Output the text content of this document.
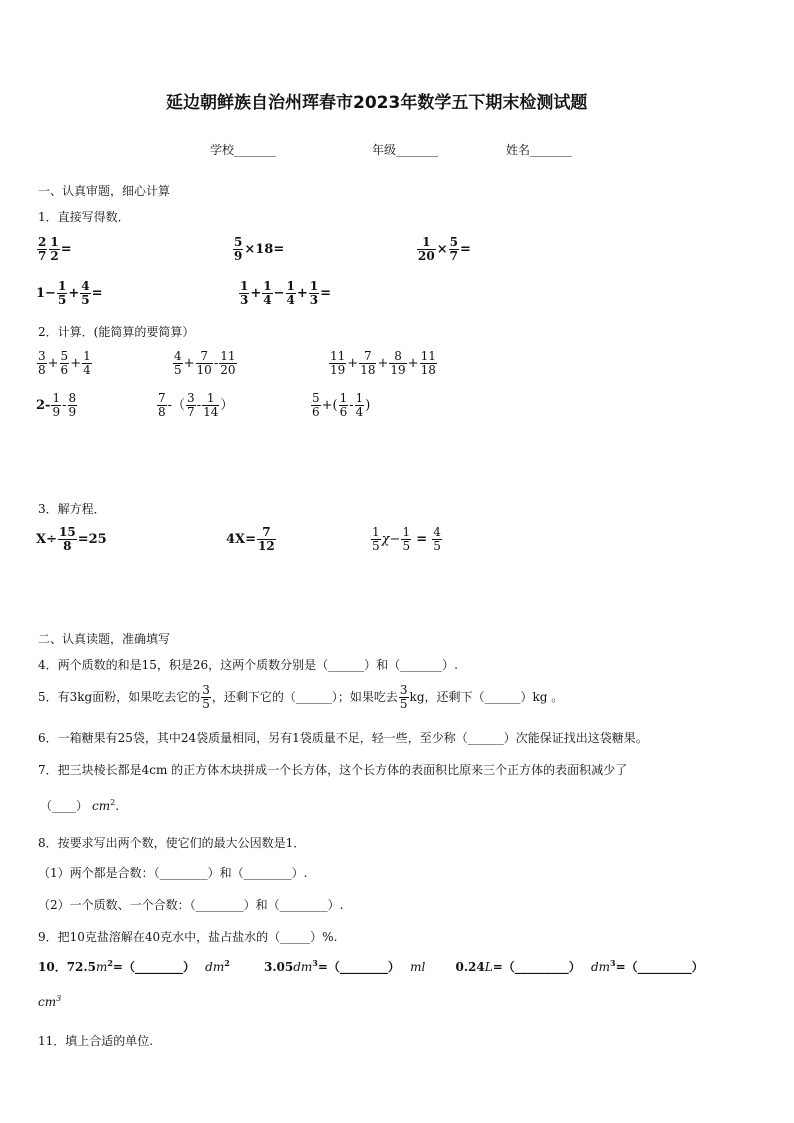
延边朝鲜族自治州珲春市2023年数学五下期末检测试题
学校_______	年级_______	姓名_______
一、认真审题，细心计算
1．直接写得数．
$\frac{2}{7} \frac{1}{2}$ =	$\frac{5}{9} \times 18=$	$\frac{1}{20} \times \frac{5}{7}$ =
$1- \frac{1}{5} + \frac{4}{5}$ =	$\frac{1}{3} + \frac{1}{4} - \frac{1}{4} + \frac{1}{3}$ =
2．计算．(能简算的要简算）
$\frac{3}{8} + \frac{5}{6} + \frac{1}{4}$	$\frac{4}{5} + \frac{7}{10} - \frac{11}{20}$	$\frac{11}{19} + \frac{7}{18} + \frac{8}{19} + \frac{11}{18}$
$2- \frac{1}{9} - \frac{8}{9}$	$\frac{7}{8}$ -（ $\frac{3}{7} - \frac{1}{14}$ ）	$\frac{5}{6}$ +( $\frac{1}{6} - \frac{1}{4}$ )
3．解方程．
$X\div \frac{15}{8} =25$	$4X= \frac{7}{12}$	$\frac{1}{5} \chi- \frac{1}{5} = \frac{4}{5}$
二、认真读题，准确填写
4．两个质数的和是15，积是26，这两个质数分别是（______）和（_______）.
5．有3kg面粉，如果吃去它的 $\frac{3}{5}$ ，还剩下它的（______）；如果吃去 $\frac{3}{5}$ kg，还剩下（______）kg 。
6．一箱糖果有25袋，其中24袋质量相同，另有1袋质量不足，轻一些，至少称（______）次能保证找出这袋糖果。
7．把三块棱长都是4cm 的正方体木块拼成一个长方体，这个长方体的表面积比原来三个正方体的表面积减少了
（____） $cm^2$.
8．按要求写出两个数，使它们的最大公因数是1．
（1）两个都是合数：（________）和（________）.
（2）一个质数、一个合数：（________）和（________）.
9．把10克盐溶解在40克水中，盐占盐水的（_____）%.
10．$72.5m^2=(\_\_\_\_\_\_\_\_)$ $dm^2$	$3.05dm^3=(\_\_\_\_\_\_\_\_)$ ml	0.24L=（_________） $dm^3=(\_\_\_\_\_\_\_\_\_)$
$cm^3$
11．填上合适的单位.
